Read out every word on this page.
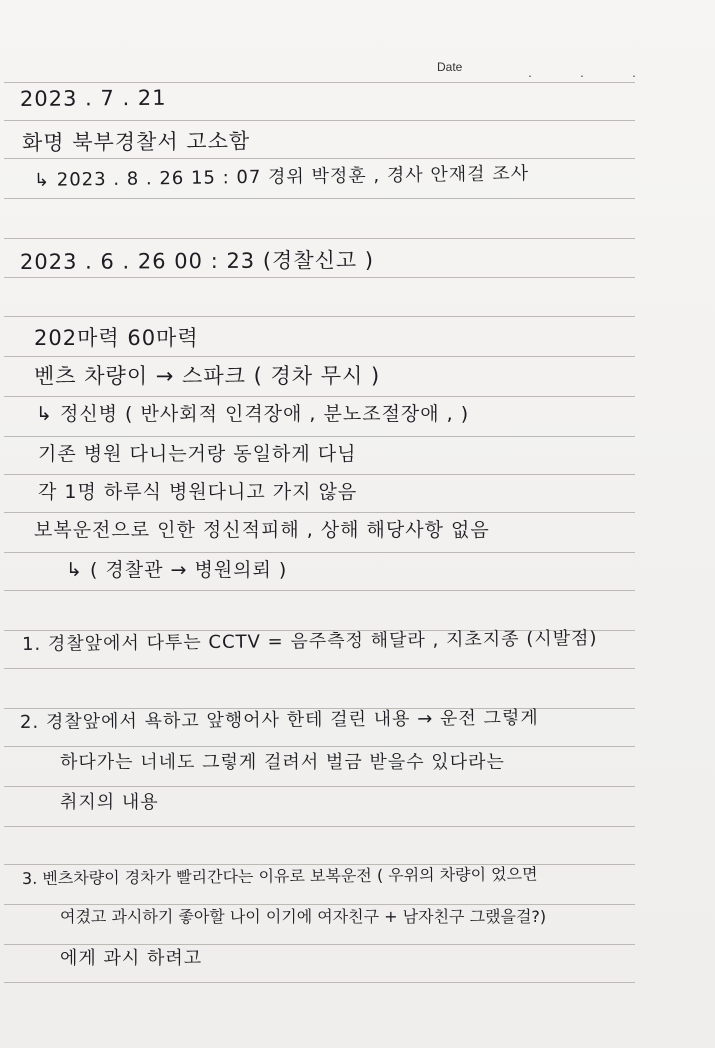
Date	.	.	.
2023 . 7 . 21
화명 북부경찰서 고소함
↳ 2023 . 8 . 26 15 : 07 경위 박정훈 , 경사 안재걸 조사
2023 . 6 . 26 00 : 23 (경찰신고 )
202마력 60마력
벤츠 차량이 → 스파크 ( 경차 무시 )
↳ 정신병 ( 반사회적 인격장애 , 분노조절장애 , )
기존 병원 다니는거랑 동일하게 다님
각 1명 하루식 병원다니고 가지 않음
보복운전으로 인한 정신적피해 , 상해 해당사항 없음
↳ ( 경찰관 → 병원의뢰 )
1. 경찰앞에서 다투는 CCTV = 음주측정 해달라 , 지초지종 (시발점)
2. 경찰앞에서 욕하고 앞행어사 한테 걸린 내용 → 운전 그렇게
하다가는 너네도 그렇게 걸려서 벌금 받을수 있다라는
취지의 내용
3. 벤츠차량이 경차가 빨리간다는 이유로 보복운전 ( 우위의 차량이 었으면
여겼고 과시하기 좋아할 나이 이기에 여자친구 + 남자친구 그랬을걸?)
에게 과시 하려고
